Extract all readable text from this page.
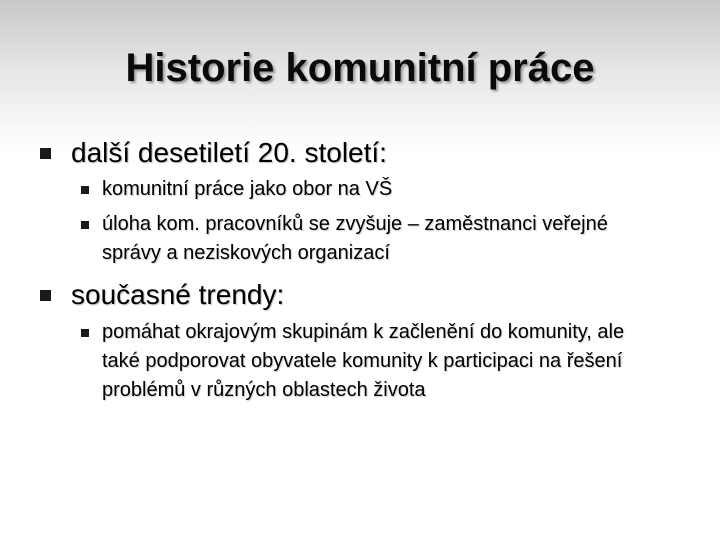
Historie komunitní práce
další desetiletí 20. století:
komunitní práce jako obor na VŠ
úloha kom. pracovníků se zvyšuje – zaměstnanci veřejné správy a neziskových organizací
současné trendy:
pomáhat okrajovým skupinám k začlenění do komunity, ale také podporovat obyvatele komunity k participaci na řešení problémů v různých oblastech života
